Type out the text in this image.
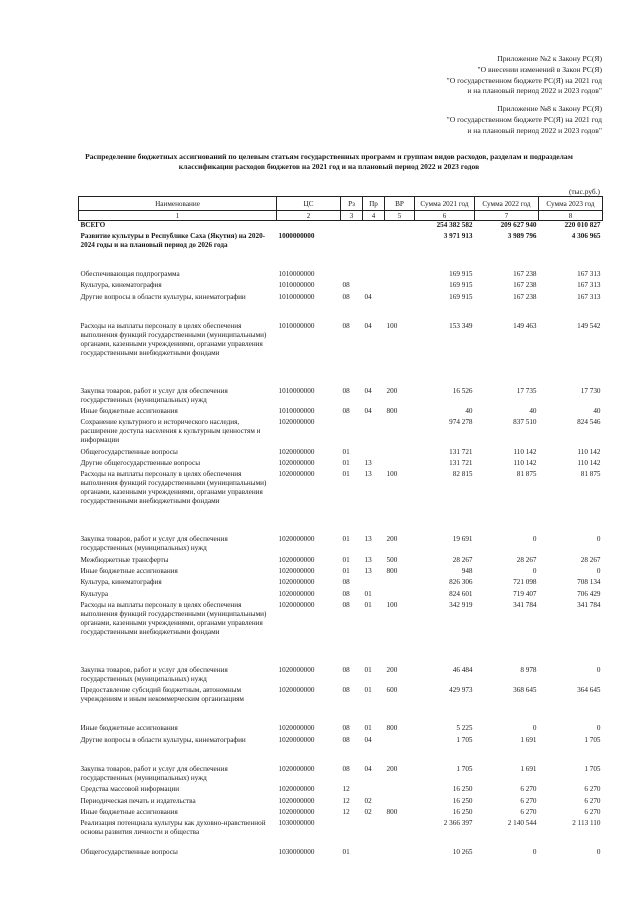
Приложение №2 к Закону РС(Я)
"О внесении изменений в Закон РС(Я)
"О государственном бюджете РС(Я) на 2021 год
и на плановый период 2022 и 2023 годов"
Приложение №8 к Закону РС(Я)
"О государственном бюджете РС(Я) на 2021 год
и на плановый период 2022 и 2023 годов"
Распределение бюджетных ассигнований по целевым статьям государственных программ и группам видов расходов, разделам и подразделам классификации расходов бюджетов на 2021 год и на плановый период 2022 и 2023 годов
(тыс.руб.)
Наименование	ЦС	Рз	Пр	ВР	Сумма 2021 год	Сумма 2022 год	Сумма 2023 год
1	2	3	4	5	6	7	8
ВСЕГО					254 382 582	209 627 940	220 010 827
Развитие культуры в Республике Саха (Якутия) на 2020-2024 годы и на плановый период до 2026 года	1000000000				3 971 913	3 989 796	4 306 965
Обеспечивающая подпрограмма	1010000000				169 915	167 238	167 313
Культура, кинематография	1010000000	08			169 915	167 238	167 313
Другие вопросы в области культуры, кинематографии	1010000000	08	04		169 915	167 238	167 313
Расходы на выплаты персоналу в целях обеспечения выполнения функций государственными (муниципальными) органами, казенными учреждениями, органами управления государственными внебюджетными фондами	1010000000	08	04	100	153 349	149 463	149 542
Закупка товаров, работ и услуг для обеспечения государственных (муниципальных) нужд	1010000000	08	04	200	16 526	17 735	17 730
Иные бюджетные ассигнования	1010000000	08	04	800	40	40	40
Сохранение культурного и исторического наследия, расширение доступа населения к культурным ценностям и информации	1020000000				974 278	837 510	824 546
Общегосударственные вопросы	1020000000	01			131 721	110 142	110 142
Другие общегосударственные вопросы	1020000000	01	13		131 721	110 142	110 142
Расходы на выплаты персоналу в целях обеспечения выполнения функций государственными (муниципальными) органами, казенными учреждениями, органами управления государственными внебюджетными фондами	1020000000	01	13	100	82 815	81 875	81 875
Закупка товаров, работ и услуг для обеспечения государственных (муниципальных) нужд	1020000000	01	13	200	19 691	0	0
Межбюджетные трансферты	1020000000	01	13	500	28 267	28 267	28 267
Иные бюджетные ассигнования	1020000000	01	13	800	948	0	0
Культура, кинематография	1020000000	08			826 306	721 098	708 134
Культура	1020000000	08	01		824 601	719 407	706 429
Расходы на выплаты персоналу в целях обеспечения выполнения функций государственными (муниципальными) органами, казенными учреждениями, органами управления государственными внебюджетными фондами	1020000000	08	01	100	342 919	341 784	341 784
Закупка товаров, работ и услуг для обеспечения государственных (муниципальных) нужд	1020000000	08	01	200	46 484	8 978	0
Предоставление субсидий бюджетным, автономным учреждениям и иным некоммерческим организациям	1020000000	08	01	600	429 973	368 645	364 645
Иные бюджетные ассигнования	1020000000	08	01	800	5 225	0	0
Другие вопросы в области культуры, кинематографии	1020000000	08	04		1 705	1 691	1 705
Закупка товаров, работ и услуг для обеспечения государственных (муниципальных) нужд	1020000000	08	04	200	1 705	1 691	1 705
Средства массовой информации	1020000000	12			16 250	6 270	6 270
Периодическая печать и издательства	1020000000	12	02		16 250	6 270	6 270
Иные бюджетные ассигнования	1020000000	12	02	800	16 250	6 270	6 270
Реализация потенциала культуры как духовно-нравственной основы развития личности и общества	1030000000				2 366 397	2 140 544	2 113 110
Общегосударственные вопросы	1030000000	01			10 265	0	0
